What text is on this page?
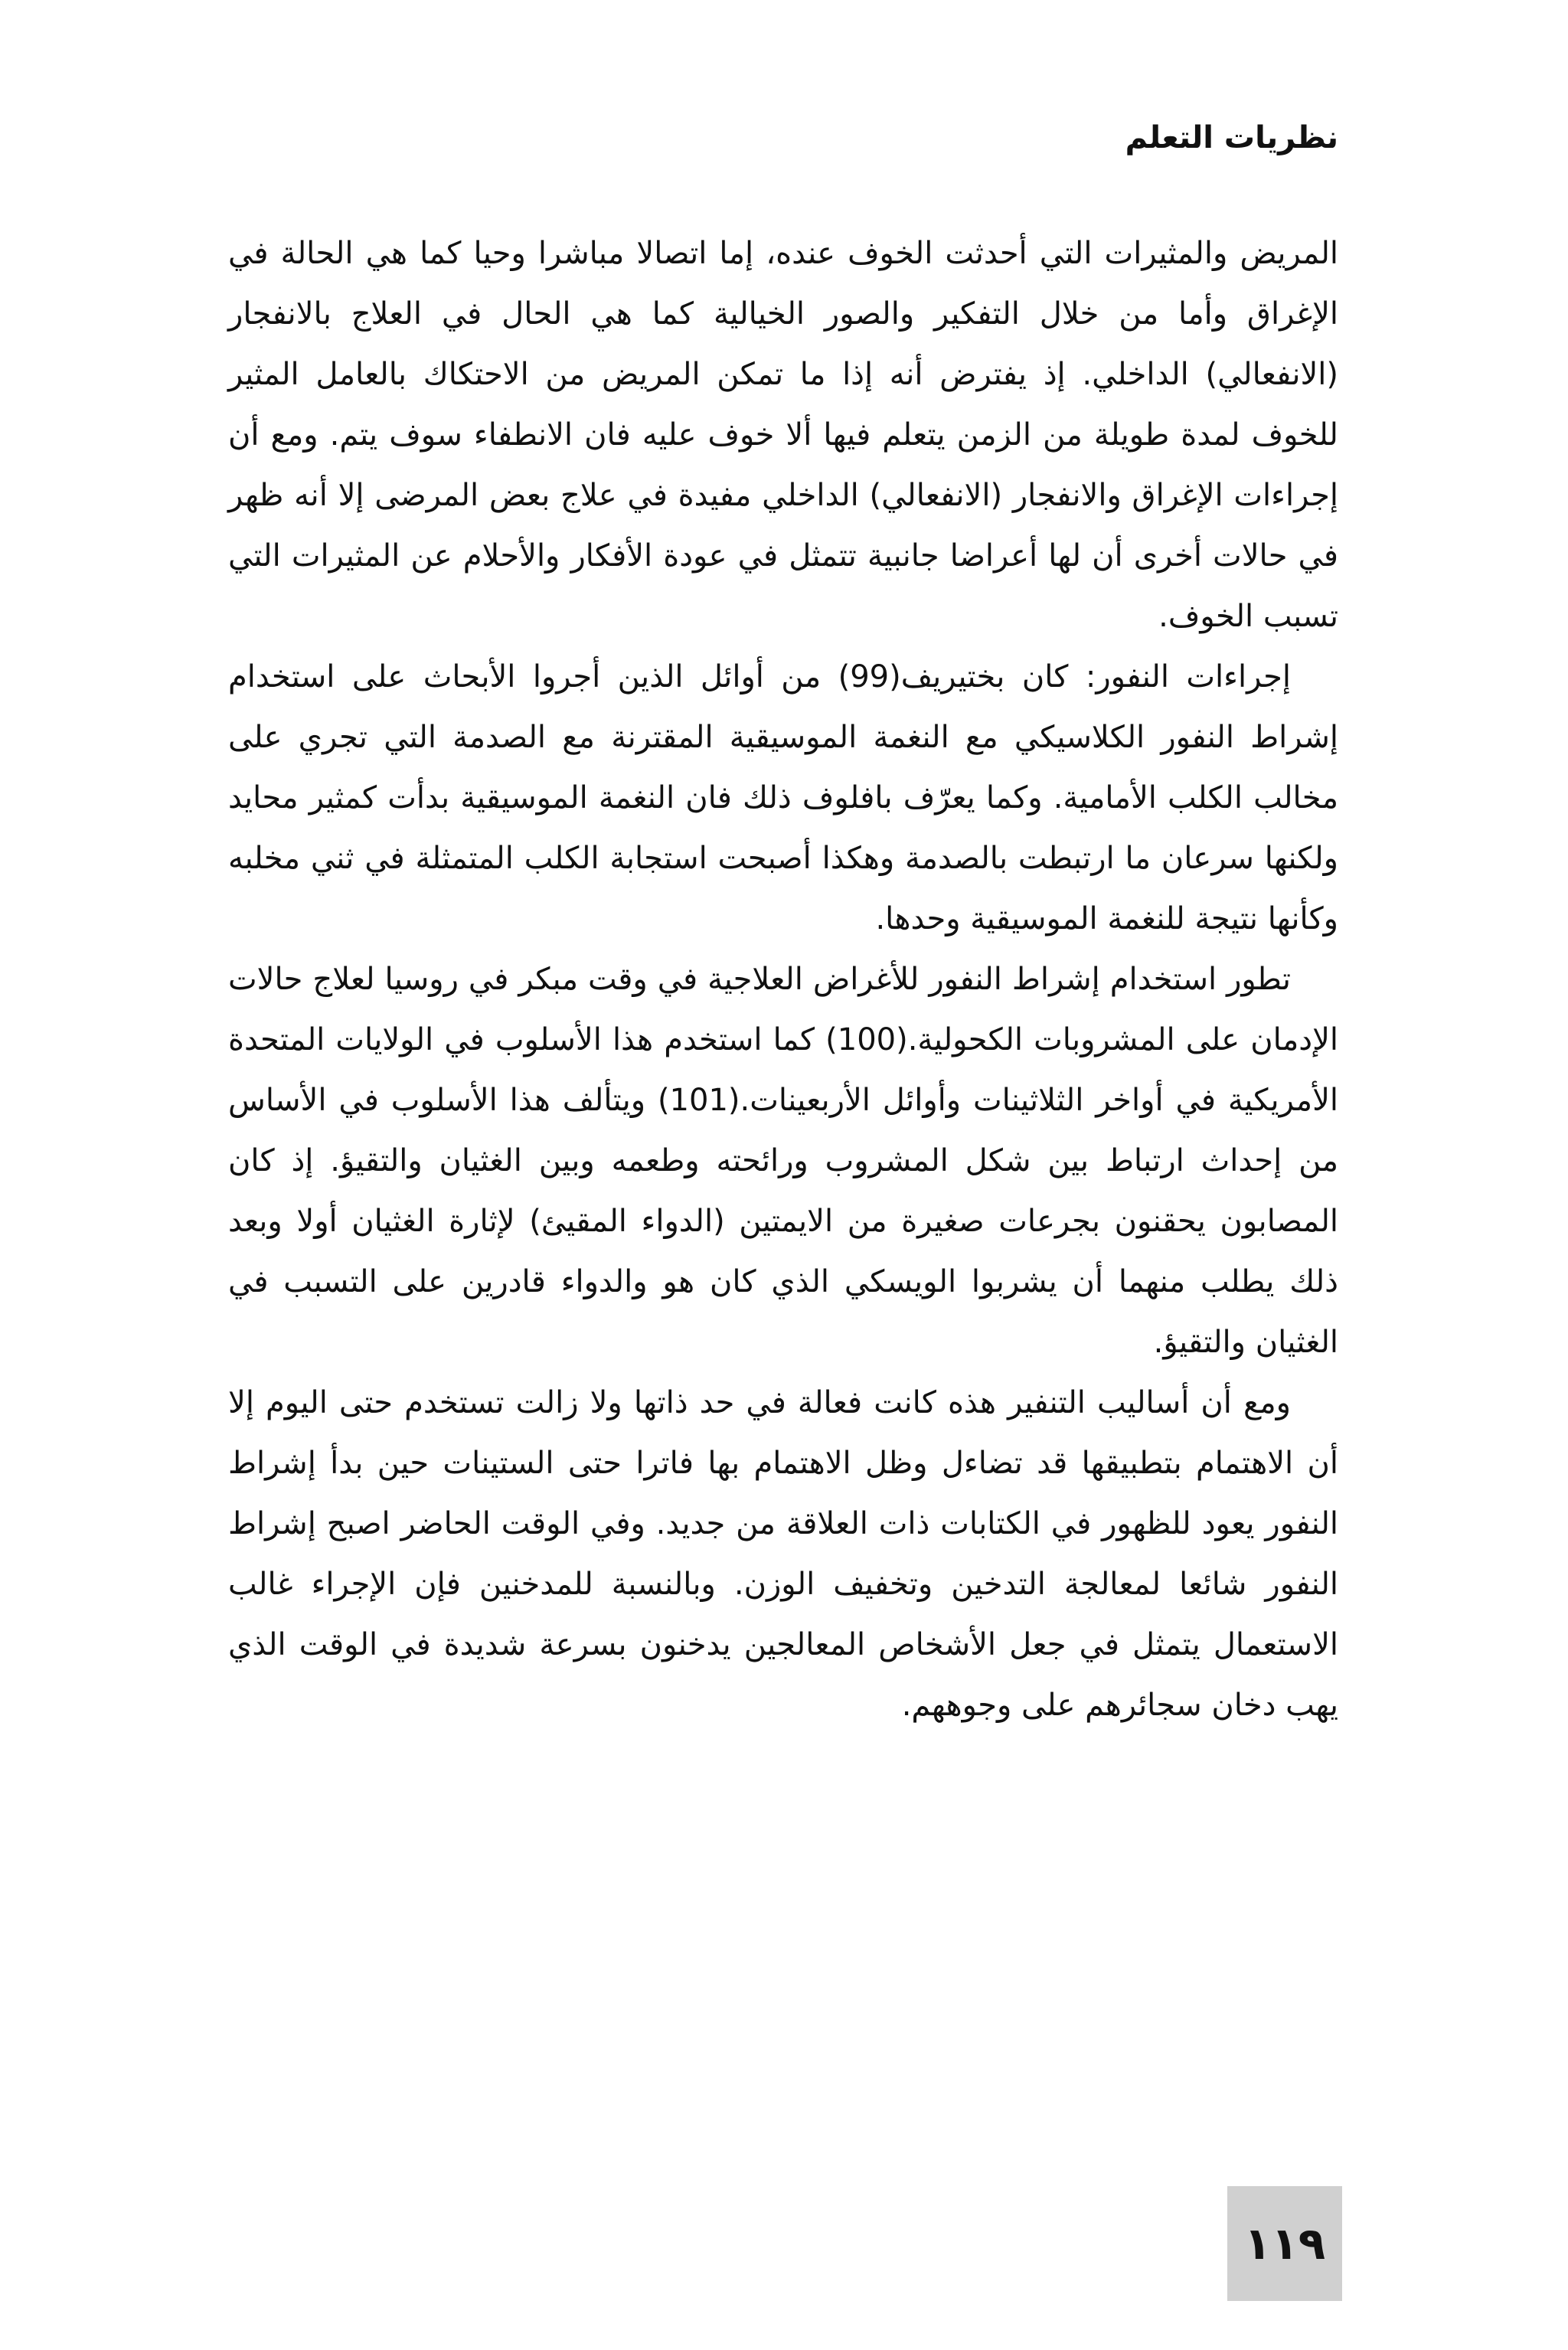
نظريات التعلم

المريض والمثيرات التي أحدثت الخوف عنده، إما اتصالا مباشرا وحيا كما هي الحالة في الإغراق وأما من خلال التفكير والصور الخيالية كما هي الحال في العلاج بالانفجار (الانفعالي) الداخلي. إذ يفترض أنه إذا ما تمكن المريض من الاحتكاك بالعامل المثير للخوف لمدة طويلة من الزمن يتعلم فيها ألا خوف عليه فان الانطفاء سوف يتم. ومع أن إجراءات الإغراق والانفجار (الانفعالي) الداخلي مفيدة في علاج بعض المرضى إلا أنه ظهر في حالات أخرى أن لها أعراضا جانبية تتمثل في عودة الأفكار والأحلام عن المثيرات التي تسبب الخوف.

إجراءات النفور: كان بختيريف(99) من أوائل الذين أجروا الأبحاث على استخدام إشراط النفور الكلاسيكي مع النغمة الموسيقية المقترنة مع الصدمة التي تجري على مخالب الكلب الأمامية. وكما يعرّف بافلوف ذلك فان النغمة الموسيقية بدأت كمثير محايد ولكنها سرعان ما ارتبطت بالصدمة وهكذا أصبحت استجابة الكلب المتمثلة في ثني مخلبه وكأنها نتيجة للنغمة الموسيقية وحدها.

تطور استخدام إشراط النفور للأغراض العلاجية في وقت مبكر في روسيا لعلاج حالات الإدمان على المشروبات الكحولية.(100) كما استخدم هذا الأسلوب في الولايات المتحدة الأمريكية في أواخر الثلاثينات وأوائل الأربعينات.(101) ويتألف هذا الأسلوب في الأساس من إحداث ارتباط بين شكل المشروب ورائحته وطعمه وبين الغثيان والتقيؤ. إذ كان المصابون يحقنون بجرعات صغيرة من الايمتين (الدواء المقيئ) لإثارة الغثيان أولا وبعد ذلك يطلب منهما أن يشربوا الويسكي الذي كان هو والدواء قادرين على التسبب في الغثيان والتقيؤ.

ومع أن أساليب التنفير هذه كانت فعالة في حد ذاتها ولا زالت تستخدم حتى اليوم إلا أن الاهتمام بتطبيقها قد تضاءل وظل الاهتمام بها فاترا حتى الستينات حين بدأ إشراط النفور يعود للظهور في الكتابات ذات العلاقة من جديد. وفي الوقت الحاضر اصبح إشراط النفور شائعا لمعالجة التدخين وتخفيف الوزن. وبالنسبة للمدخنين فإن الإجراء غالب الاستعمال يتمثل في جعل الأشخاص المعالجين يدخنون بسرعة شديدة في الوقت الذي يهب دخان سجائرهم على وجوههم.

١١٩
